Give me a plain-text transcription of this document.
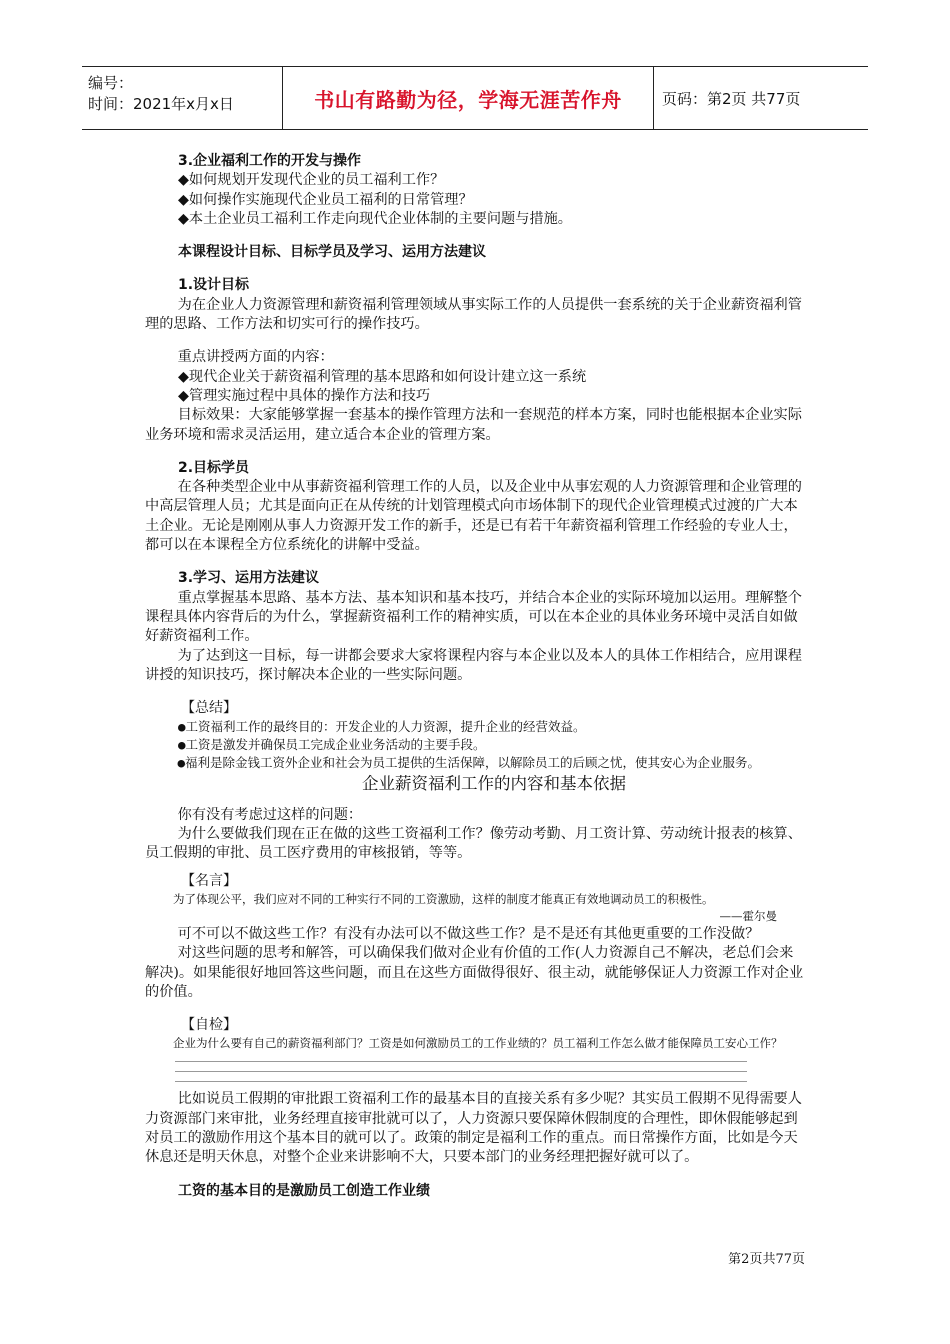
编号：
时间：2021年x月x日	书山有路勤为径，学海无涯苦作舟	页码：第2页 共77页

3.企业福利工作的开发与操作

◆如何规划开发现代企业的员工福利工作？

◆如何操作实施现代企业员工福利的日常管理？

◆本土企业员工福利工作走向现代企业体制的主要问题与措施。

本课程设计目标、目标学员及学习、运用方法建议

1.设计目标

为在企业人力资源管理和薪资福利管理领域从事实际工作的人员提供一套系统的关于企业薪资福利管理的思路、工作方法和切实可行的操作技巧。

重点讲授两方面的内容：

◆现代企业关于薪资福利管理的基本思路和如何设计建立这一系统

◆管理实施过程中具体的操作方法和技巧

目标效果：大家能够掌握一套基本的操作管理方法和一套规范的样本方案，同时也能根据本企业实际业务环境和需求灵活运用，建立适合本企业的管理方案。

2.目标学员

在各种类型企业中从事薪资福利管理工作的人员，以及企业中从事宏观的人力资源管理和企业管理的中高层管理人员；尤其是面向正在从传统的计划管理模式向市场体制下的现代企业管理模式过渡的广大本土企业。无论是刚刚从事人力资源开发工作的新手，还是已有若干年薪资福利管理工作经验的专业人士，都可以在本课程全方位系统化的讲解中受益。

3.学习、运用方法建议

重点掌握基本思路、基本方法、基本知识和基本技巧，并结合本企业的实际环境加以运用。理解整个课程具体内容背后的为什么，掌握薪资福利工作的精神实质，可以在本企业的具体业务环境中灵活自如做好薪资福利工作。

为了达到这一目标，每一讲都会要求大家将课程内容与本企业以及本人的具体工作相结合，应用课程讲授的知识技巧，探讨解决本企业的一些实际问题。

【总结】

●工资福利工作的最终目的：开发企业的人力资源，提升企业的经营效益。

●工资是激发并确保员工完成企业业务活动的主要手段。

●福利是除金钱工资外企业和社会为员工提供的生活保障，以解除员工的后顾之忧，使其安心为企业服务。

企业薪资福利工作的内容和基本依据

你有没有考虑过这样的问题：

为什么要做我们现在正在做的这些工资福利工作？像劳动考勤、月工资计算、劳动统计报表的核算、员工假期的审批、员工医疗费用的审核报销，等等。

【名言】

为了体现公平，我们应对不同的工种实行不同的工资激励，这样的制度才能真正有效地调动员工的积极性。

——霍尔曼

可不可以不做这些工作？有没有办法可以不做这些工作？是不是还有其他更重要的工作没做？

对这些问题的思考和解答，可以确保我们做对企业有价值的工作(人力资源自己不解决，老总们会来解决)。如果能很好地回答这些问题，而且在这些方面做得很好、很主动，就能够保证人力资源工作对企业的价值。

【自检】

企业为什么要有自己的薪资福利部门？工资是如何激励员工的工作业绩的？员工福利工作怎么做才能保障员工安心工作？

比如说员工假期的审批跟工资福利工作的最基本目的直接关系有多少呢？其实员工假期不见得需要人力资源部门来审批，业务经理直接审批就可以了，人力资源只要保障休假制度的合理性，即休假能够起到对员工的激励作用这个基本目的就可以了。政策的制定是福利工作的重点。而日常操作方面，比如是今天休息还是明天休息，对整个企业来讲影响不大，只要本部门的业务经理把握好就可以了。

工资的基本目的是激励员工创造工作业绩

第2页共77页
